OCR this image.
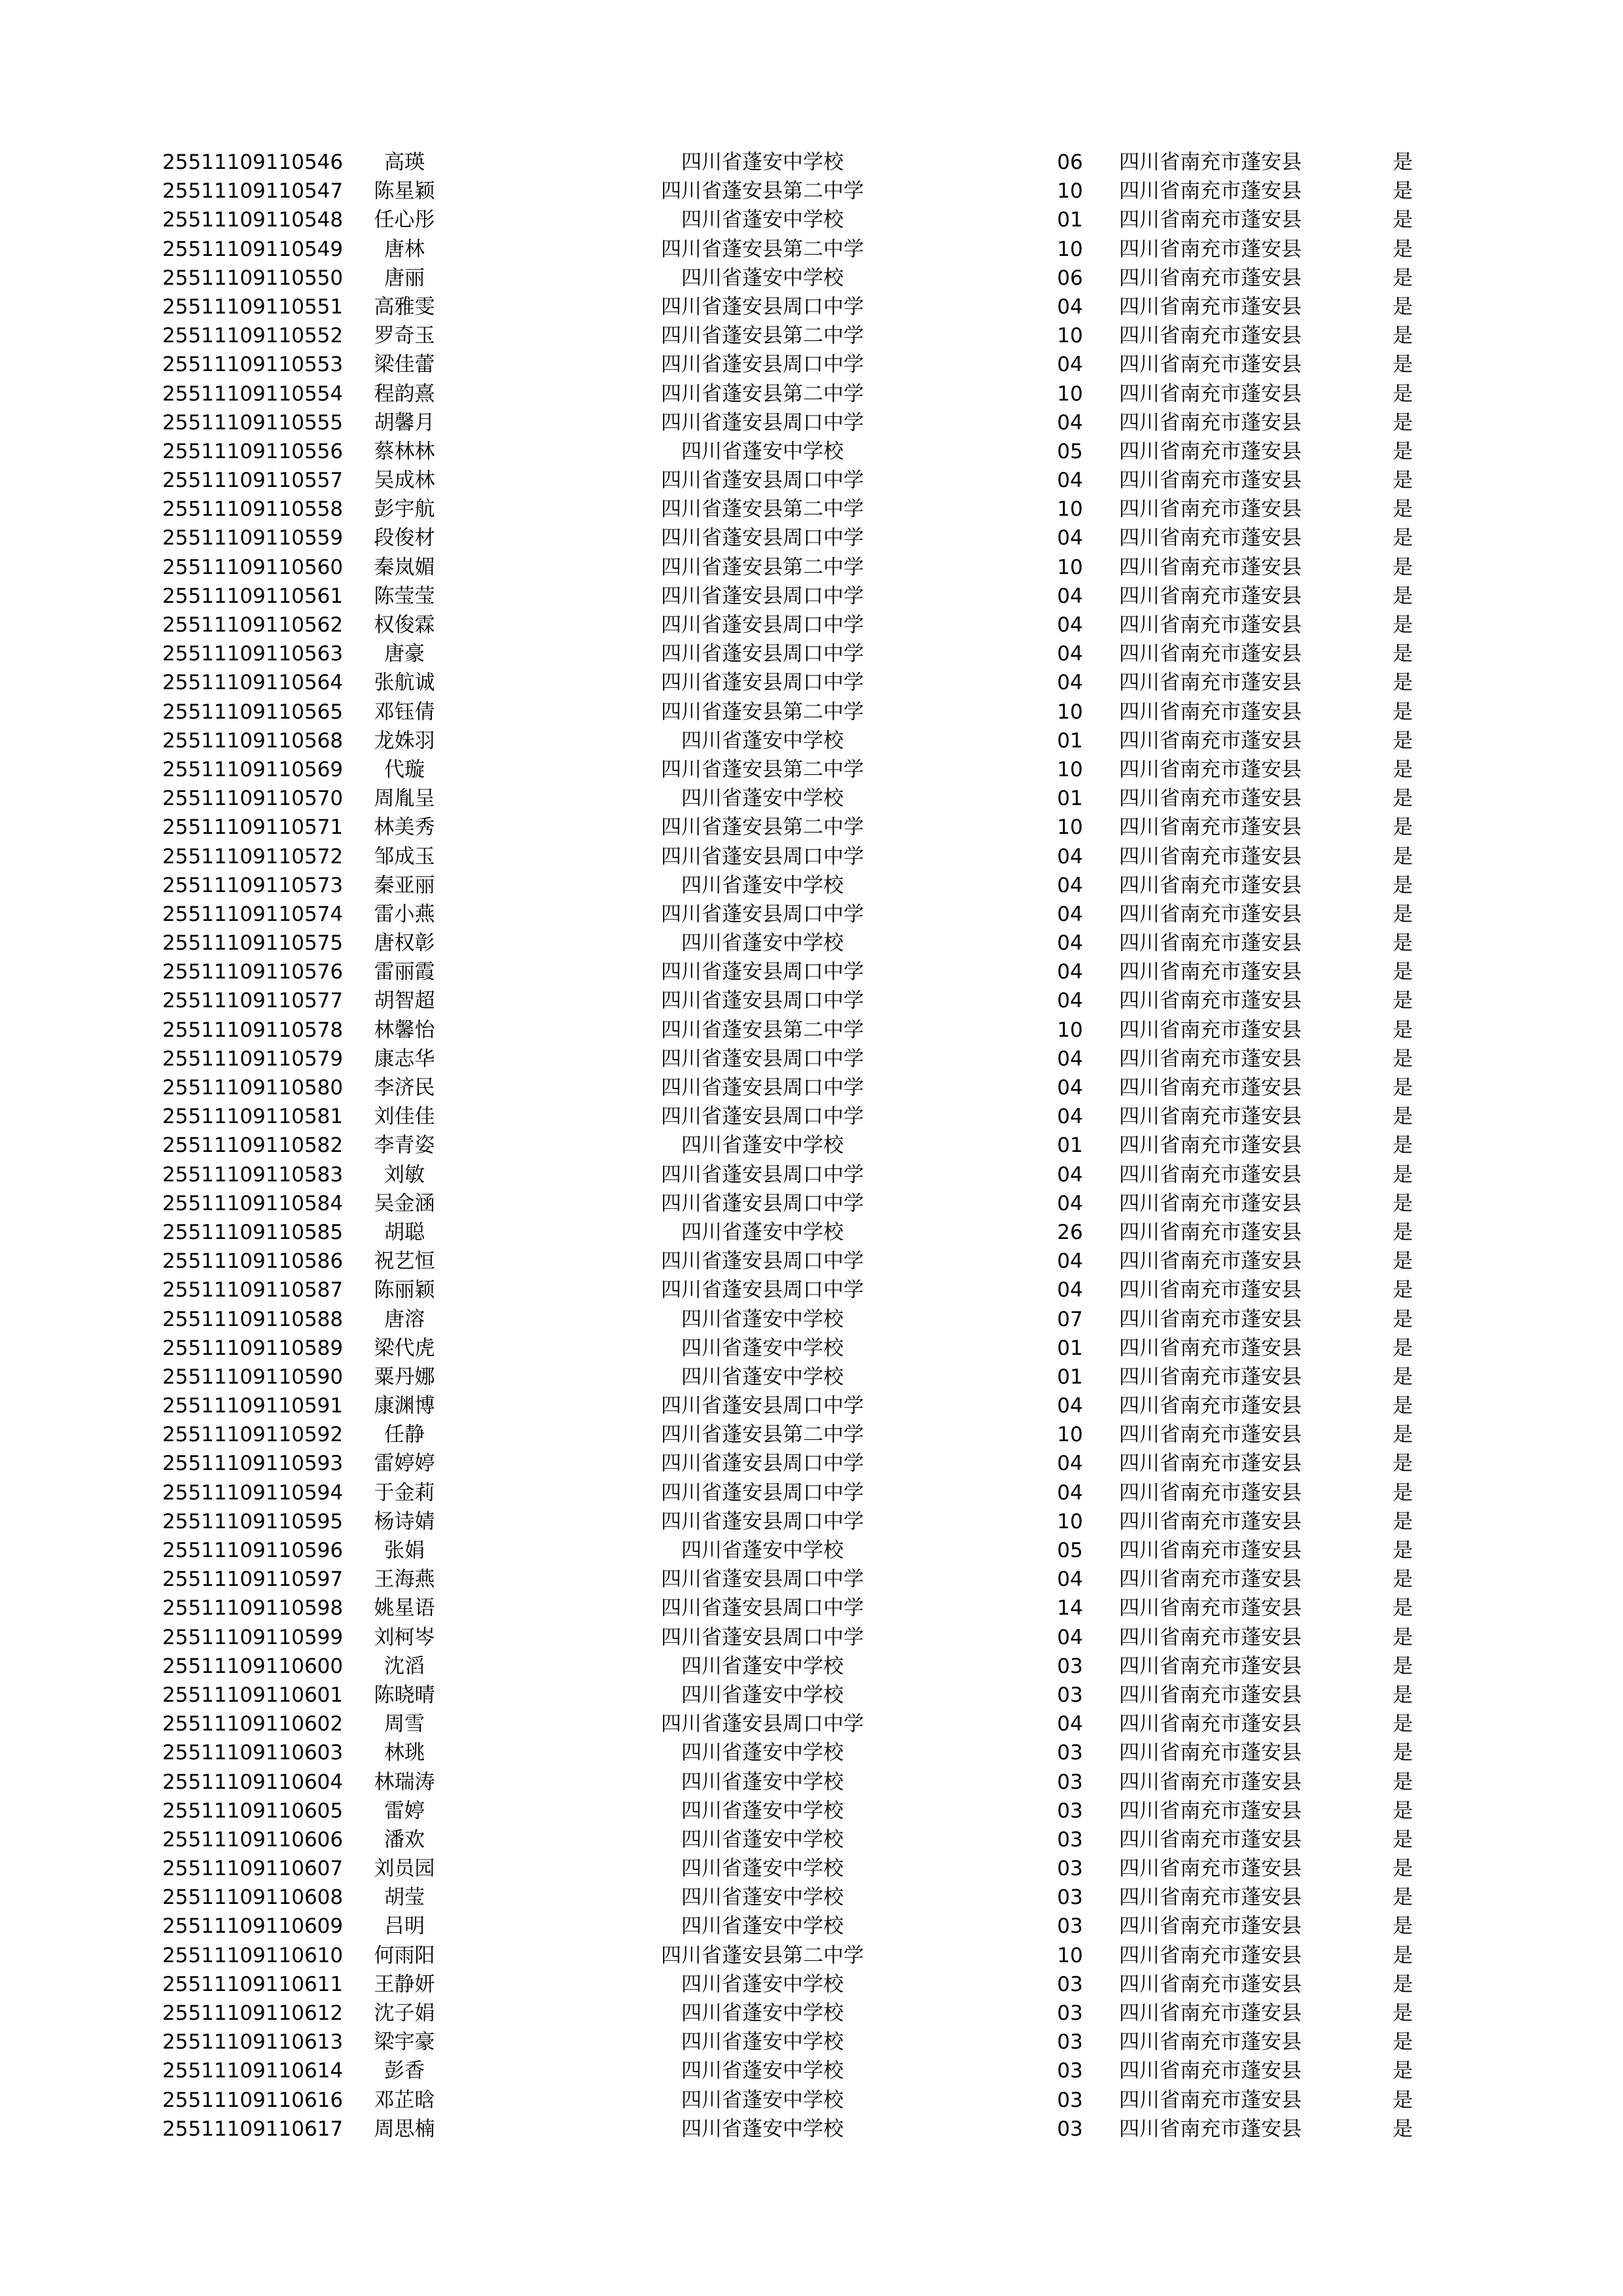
25511109110546	高瑛	四川省蓬安中学校	06	四川省南充市蓬安县	是
25511109110547	陈星颖	四川省蓬安县第二中学	10	四川省南充市蓬安县	是
25511109110548	任心彤	四川省蓬安中学校	01	四川省南充市蓬安县	是
25511109110549	唐林	四川省蓬安县第二中学	10	四川省南充市蓬安县	是
25511109110550	唐丽	四川省蓬安中学校	06	四川省南充市蓬安县	是
25511109110551	高雅雯	四川省蓬安县周口中学	04	四川省南充市蓬安县	是
25511109110552	罗奇玉	四川省蓬安县第二中学	10	四川省南充市蓬安县	是
25511109110553	梁佳蕾	四川省蓬安县周口中学	04	四川省南充市蓬安县	是
25511109110554	程韵熹	四川省蓬安县第二中学	10	四川省南充市蓬安县	是
25511109110555	胡馨月	四川省蓬安县周口中学	04	四川省南充市蓬安县	是
25511109110556	蔡林林	四川省蓬安中学校	05	四川省南充市蓬安县	是
25511109110557	吴成林	四川省蓬安县周口中学	04	四川省南充市蓬安县	是
25511109110558	彭宇航	四川省蓬安县第二中学	10	四川省南充市蓬安县	是
25511109110559	段俊材	四川省蓬安县周口中学	04	四川省南充市蓬安县	是
25511109110560	秦岚媚	四川省蓬安县第二中学	10	四川省南充市蓬安县	是
25511109110561	陈莹莹	四川省蓬安县周口中学	04	四川省南充市蓬安县	是
25511109110562	权俊霖	四川省蓬安县周口中学	04	四川省南充市蓬安县	是
25511109110563	唐豪	四川省蓬安县周口中学	04	四川省南充市蓬安县	是
25511109110564	张航诚	四川省蓬安县周口中学	04	四川省南充市蓬安县	是
25511109110565	邓钰倩	四川省蓬安县第二中学	10	四川省南充市蓬安县	是
25511109110568	龙姝羽	四川省蓬安中学校	01	四川省南充市蓬安县	是
25511109110569	代璇	四川省蓬安县第二中学	10	四川省南充市蓬安县	是
25511109110570	周胤呈	四川省蓬安中学校	01	四川省南充市蓬安县	是
25511109110571	林美秀	四川省蓬安县第二中学	10	四川省南充市蓬安县	是
25511109110572	邹成玉	四川省蓬安县周口中学	04	四川省南充市蓬安县	是
25511109110573	秦亚丽	四川省蓬安中学校	04	四川省南充市蓬安县	是
25511109110574	雷小燕	四川省蓬安县周口中学	04	四川省南充市蓬安县	是
25511109110575	唐权彰	四川省蓬安中学校	04	四川省南充市蓬安县	是
25511109110576	雷丽霞	四川省蓬安县周口中学	04	四川省南充市蓬安县	是
25511109110577	胡智超	四川省蓬安县周口中学	04	四川省南充市蓬安县	是
25511109110578	林馨怡	四川省蓬安县第二中学	10	四川省南充市蓬安县	是
25511109110579	康志华	四川省蓬安县周口中学	04	四川省南充市蓬安县	是
25511109110580	李济民	四川省蓬安县周口中学	04	四川省南充市蓬安县	是
25511109110581	刘佳佳	四川省蓬安县周口中学	04	四川省南充市蓬安县	是
25511109110582	李青姿	四川省蓬安中学校	01	四川省南充市蓬安县	是
25511109110583	刘敏	四川省蓬安县周口中学	04	四川省南充市蓬安县	是
25511109110584	吴金涵	四川省蓬安县周口中学	04	四川省南充市蓬安县	是
25511109110585	胡聪	四川省蓬安中学校	26	四川省南充市蓬安县	是
25511109110586	祝艺恒	四川省蓬安县周口中学	04	四川省南充市蓬安县	是
25511109110587	陈丽颖	四川省蓬安县周口中学	04	四川省南充市蓬安县	是
25511109110588	唐溶	四川省蓬安中学校	07	四川省南充市蓬安县	是
25511109110589	梁代虎	四川省蓬安中学校	01	四川省南充市蓬安县	是
25511109110590	粟丹娜	四川省蓬安中学校	01	四川省南充市蓬安县	是
25511109110591	康渊博	四川省蓬安县周口中学	04	四川省南充市蓬安县	是
25511109110592	任静	四川省蓬安县第二中学	10	四川省南充市蓬安县	是
25511109110593	雷婷婷	四川省蓬安县周口中学	04	四川省南充市蓬安县	是
25511109110594	于金莉	四川省蓬安县周口中学	04	四川省南充市蓬安县	是
25511109110595	杨诗婧	四川省蓬安县周口中学	10	四川省南充市蓬安县	是
25511109110596	张娟	四川省蓬安中学校	05	四川省南充市蓬安县	是
25511109110597	王海燕	四川省蓬安县周口中学	04	四川省南充市蓬安县	是
25511109110598	姚星语	四川省蓬安县周口中学	14	四川省南充市蓬安县	是
25511109110599	刘柯岑	四川省蓬安县周口中学	04	四川省南充市蓬安县	是
25511109110600	沈滔	四川省蓬安中学校	03	四川省南充市蓬安县	是
25511109110601	陈晓晴	四川省蓬安中学校	03	四川省南充市蓬安县	是
25511109110602	周雪	四川省蓬安县周口中学	04	四川省南充市蓬安县	是
25511109110603	林珧	四川省蓬安中学校	03	四川省南充市蓬安县	是
25511109110604	林瑞涛	四川省蓬安中学校	03	四川省南充市蓬安县	是
25511109110605	雷婷	四川省蓬安中学校	03	四川省南充市蓬安县	是
25511109110606	潘欢	四川省蓬安中学校	03	四川省南充市蓬安县	是
25511109110607	刘员园	四川省蓬安中学校	03	四川省南充市蓬安县	是
25511109110608	胡莹	四川省蓬安中学校	03	四川省南充市蓬安县	是
25511109110609	吕明	四川省蓬安中学校	03	四川省南充市蓬安县	是
25511109110610	何雨阳	四川省蓬安县第二中学	10	四川省南充市蓬安县	是
25511109110611	王静妍	四川省蓬安中学校	03	四川省南充市蓬安县	是
25511109110612	沈子娟	四川省蓬安中学校	03	四川省南充市蓬安县	是
25511109110613	梁宇豪	四川省蓬安中学校	03	四川省南充市蓬安县	是
25511109110614	彭香	四川省蓬安中学校	03	四川省南充市蓬安县	是
25511109110616	邓芷晗	四川省蓬安中学校	03	四川省南充市蓬安县	是
25511109110617	周思楠	四川省蓬安中学校	03	四川省南充市蓬安县	是
